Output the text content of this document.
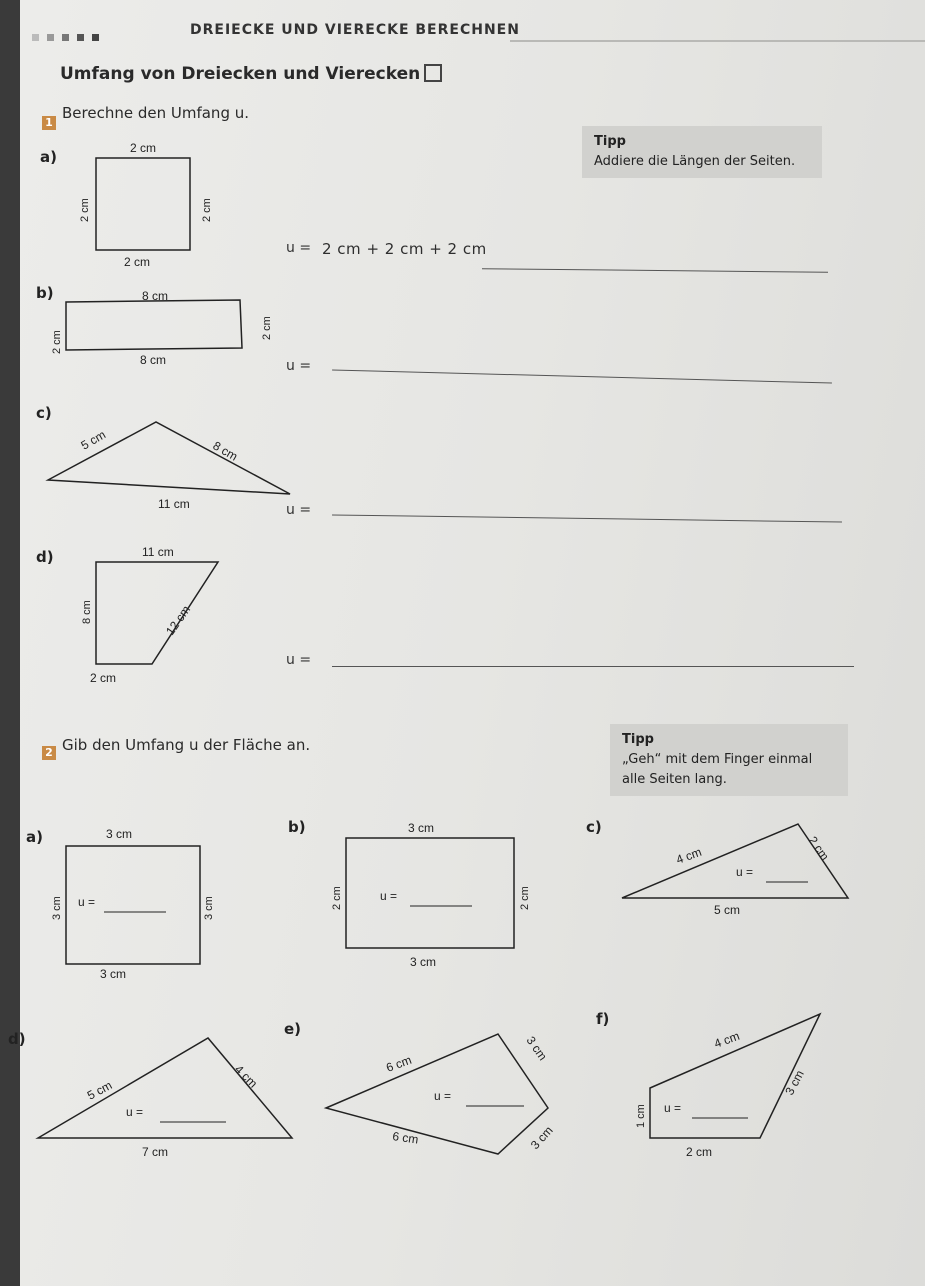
DREIECKE UND VIERECKE BERECHNEN
Umfang von Dreiecken und Vierecken
1
Berechne den Umfang u.
Tipp
Addiere die Längen der Seiten.
a)	2 cm
2 cm
2 cm	2 cm
u = 2 cm + 2 cm + 2 cm
b)	8 cm
8 cm
2 cm
2 cm
u =
c)
5 cm	8 cm
11 cm	u =
d)	11 cm
8 cm	12 cm
2 cm
u =
2 Gib den Umfang u der Fläche an.	Tipp
„Geh“ mit dem Finger einmal alle Seiten lang.
a)	3 cm
3 cm
3 cm
3 cm u =
b)	3 cm
2 cm
3 cm
2 cm	u =
c)
4 cm	2 cm
5 cm
u =
d)
5 cm	4 cm
7 cm
u =
e)
6 cm
3 cm
6 cm	3 cm
u =
f)
4 cm
3 cm
2 cm
1 cm u =
